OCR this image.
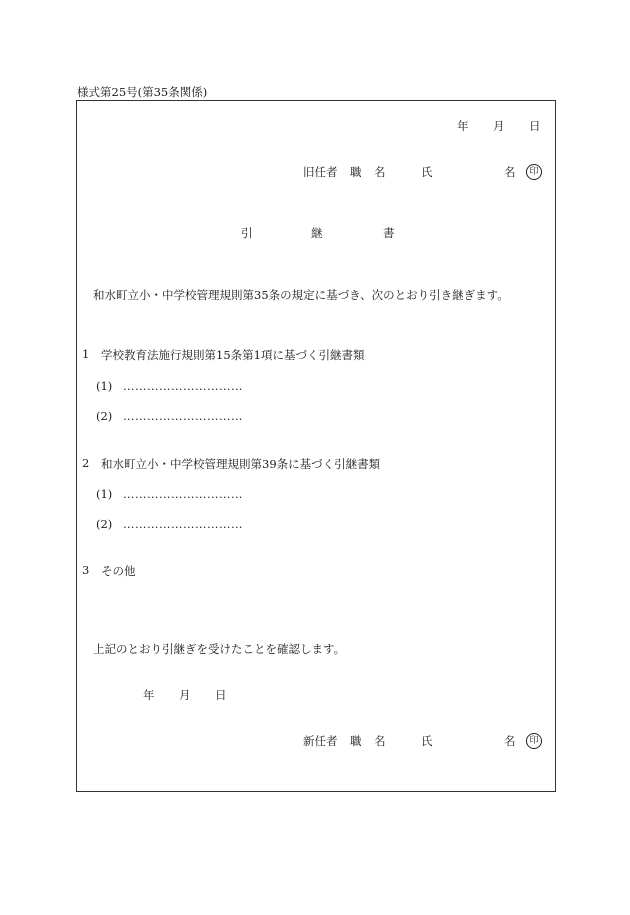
様式第25号(第35条関係)
年 月 日
旧任者 職 名	氏	名	印
引	継	書
和水町立小・中学校管理規則第35条の規定に基づき、次のとおり引き継ぎます。
1 学校教育法施行規則第15条第1項に基づく引継書類
(1) …………………………
(2) …………………………
2 和水町立小・中学校管理規則第39条に基づく引継書類
(1) …………………………
(2) …………………………
3 その他
上記のとおり引継ぎを受けたことを確認します。
年 月 日
新任者 職 名	氏	名	印
